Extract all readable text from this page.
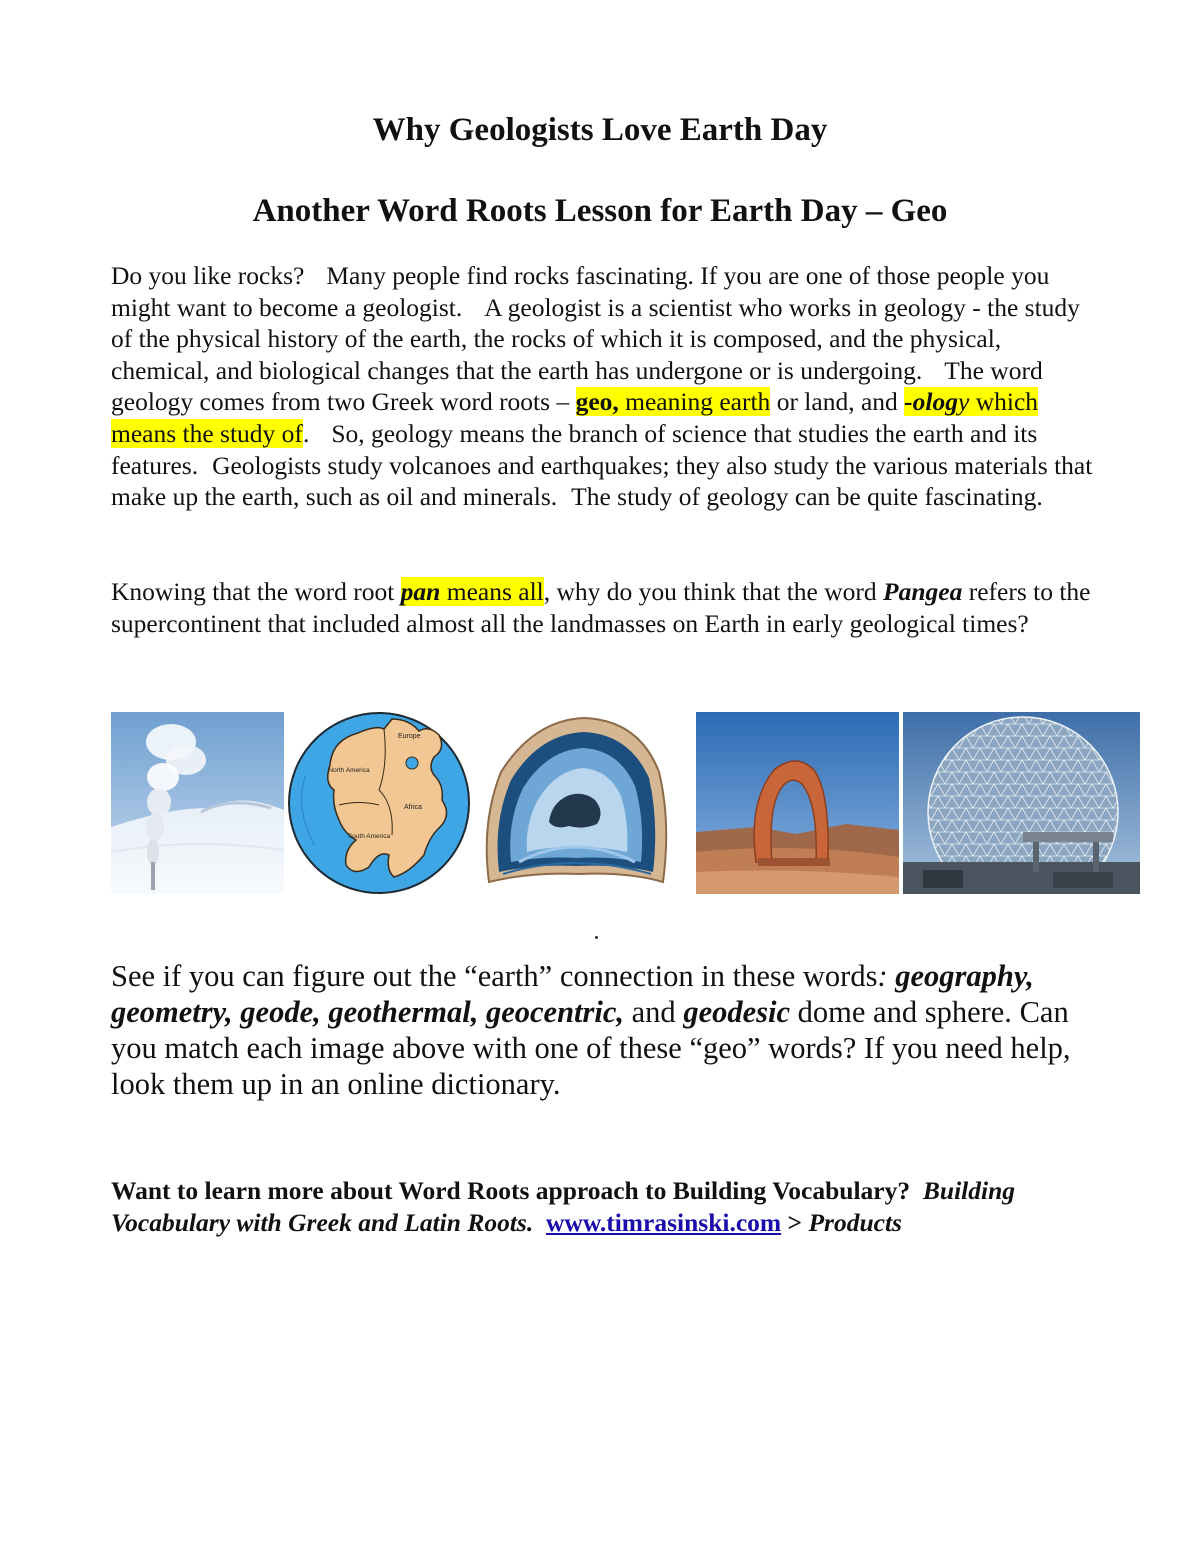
Why Geologists Love Earth Day
Another Word Roots Lesson for Earth Day – Geo

Do you like rocks? Many people find rocks fascinating. If you are one of those people you might want to become a geologist. A geologist is a scientist who works in geology - the study of the physical history of the earth, the rocks of which it is composed, and the physical, chemical, and biological changes that the earth has undergone or is undergoing. The word geology comes from two Greek word roots – geo, meaning earth or land, and -ology which means the study of. So, geology means the branch of science that studies the earth and its features. Geologists study volcanoes and earthquakes; they also study the various materials that make up the earth, such as oil and minerals. The study of geology can be quite fascinating.

Knowing that the word root pan means all, why do you think that the word Pangea refers to the supercontinent that included almost all the landmasses on Earth in early geological times?

Europe
North America
Africa
South America

See if you can figure out the “earth” connection in these words: geography, geometry, geode, geothermal, geocentric, and geodesic dome and sphere. Can you match each image above with one of these “geo” words? If you need help, look them up in an online dictionary.

Want to learn more about Word Roots approach to Building Vocabulary? Building Vocabulary with Greek and Latin Roots. www.timrasinski.com > Products
